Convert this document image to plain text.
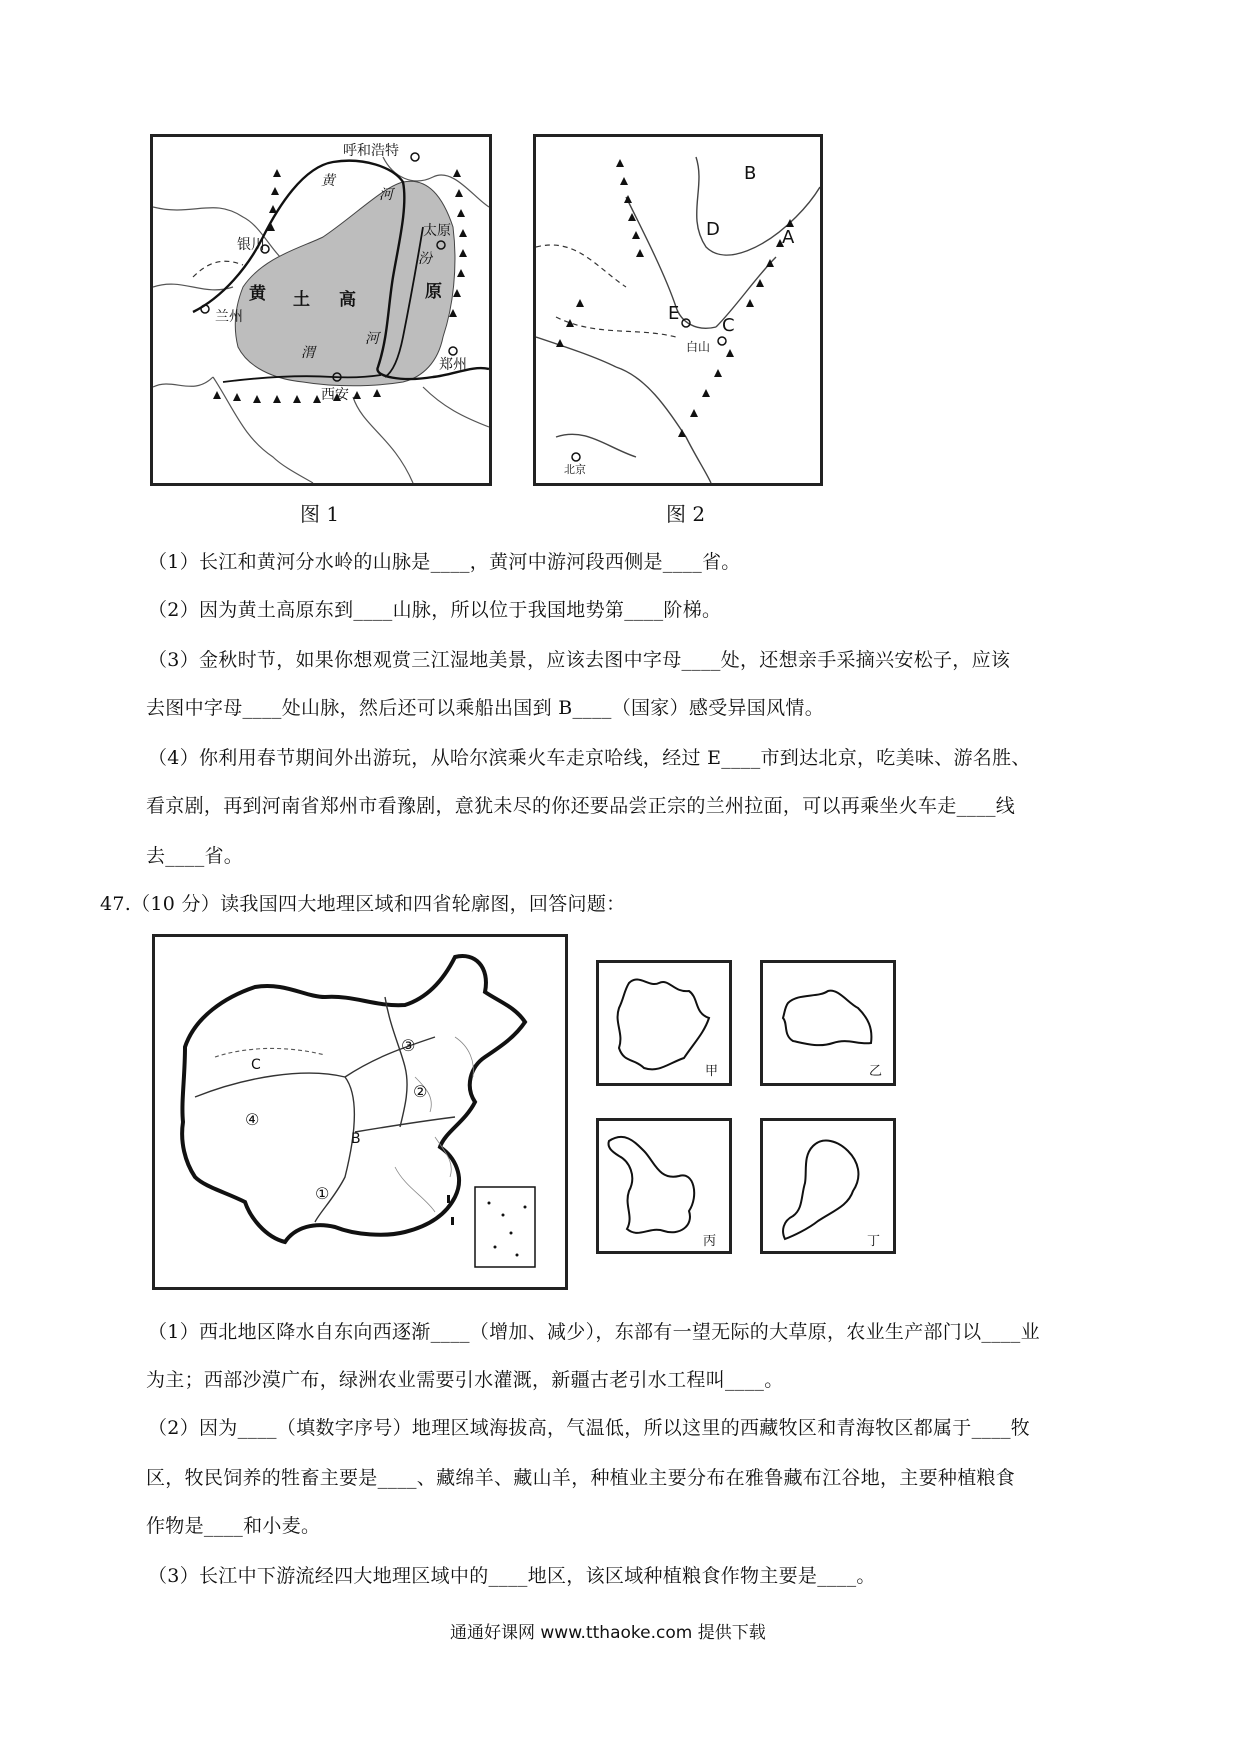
呼和浩特
黄
河
银川
太原
汾
黄 土 高	原
兰州
河
渭
西安
郑州
图 1
A
B
C
D
E
白山
北京
图 2
（1）长江和黄河分水岭的山脉是____，黄河中游河段西侧是____省。
（2）因为黄土高原东到____山脉，所以位于我国地势第____阶梯。
（3）金秋时节，如果你想观赏三江湿地美景，应该去图中字母____处，还想亲手采摘兴安松子，应该
去图中字母____处山脉，然后还可以乘船出国到 B____（国家）感受异国风情。
（4）你利用春节期间外出游玩，从哈尔滨乘火车走京哈线，经过 E____市到达北京，吃美味、游名胜、
看京剧，再到河南省郑州市看豫剧，意犹未尽的你还要品尝正宗的兰州拉面，可以再乘坐火车走____线
去____省。
47.（10 分）读我国四大地理区域和四省轮廓图，回答问题：
①
②
③
④
B
C	甲	乙
丙	丁
（1）西北地区降水自东向西逐渐____（增加、减少），东部有一望无际的大草原，农业生产部门以____业
为主；西部沙漠广布，绿洲农业需要引水灌溉，新疆古老引水工程叫____。
（2）因为____（填数字序号）地理区域海拔高，气温低，所以这里的西藏牧区和青海牧区都属于____牧
区，牧民饲养的牲畜主要是____、藏绵羊、藏山羊，种植业主要分布在雅鲁藏布江谷地，主要种植粮食
作物是____和小麦。
（3）长江中下游流经四大地理区域中的____地区，该区域种植粮食作物主要是____。
通通好课网 www.tthaoke.com 提供下载
